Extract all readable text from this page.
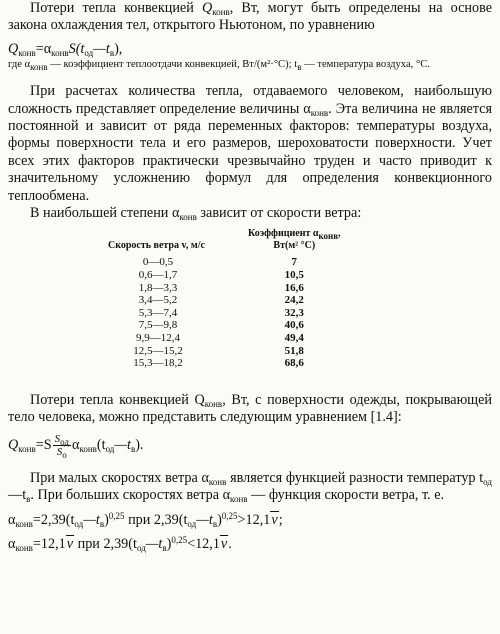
Потери тепла конвекцией $Q_{конв}$, Вт, могут быть определены на основе закона охлаждения тел, открытого Ньютоном, по уравнению

$Q_{конв}=\alpha_{конв}S(t_{од}—t_в)$,

где $\alpha_{конв}$ — коэффициент теплоотдачи конвекцией, Вт/(м²·°С); $t_в$ — температура воздуха, °С.

При расчетах количества тепла, отдаваемого человеком, наибольшую сложность представляет определение величины $\alpha_{конв}$. Эта величина не является постоянной и зависит от ряда переменных факторов: температуры воздуха, формы поверхности тела и его размеров, шероховатости поверхности. Учет всех этих факторов практически чрезвычайно труден и часто приводит к значительному усложнению формул для определения конвекционного теплообмена.

В наибольшей степени $\alpha_{конв}$ зависит от скорости ветра:

Скорость ветра v, м/с	Коэффициент $\alpha_{конв}$,
Вт(м² °С)
0—0,5	7
0,6—1,7	10,5
1,8—3,3	16,6
3,4—5,2	24,2
5,3—7,4	32,3
7,5—9,8	40,6
9,9—12,4	49,4
12,5—15,2	51,8
15,3—18,2	68,6

Потери тепла конвекцией $Q_{конв}$, Вт, с поверхности одежды, покрывающей тело человека, можно представить следующим уравнением [1.4]:

$Q_{конв}=S \frac{S_{од}}{S_о}$ $\alpha_{конв}(t_{од}—t_в)$.

При малых скоростях ветра $\alpha_{конв}$ является функцией разности температур $t_{од}—t_в$. При больших скоростях ветра $\alpha_{конв}$ — функция скорости ветра, т. е.

$\alpha_{конв}=2,39(t_{од}—t_в)^{0,25}$ при $2,39(t_{од}—t_в)^{0,25}>12,1v$;

$\alpha_{конв}=12,1v$ при $2,39(t_{од}—t_в)^{0,25}<12,1v$.
